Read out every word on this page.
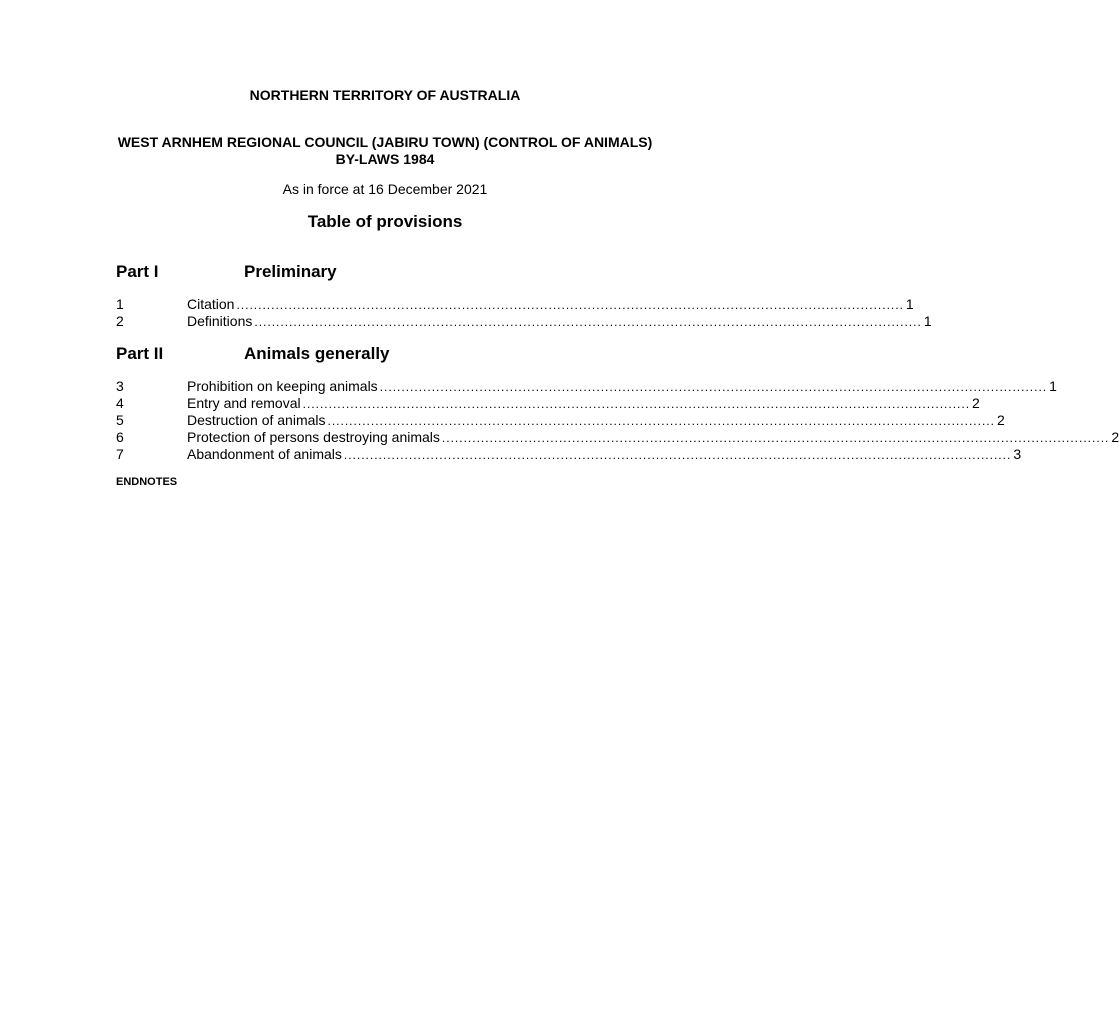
NORTHERN TERRITORY OF AUSTRALIA
WEST ARNHEM REGIONAL COUNCIL (JABIRU TOWN) (CONTROL OF ANIMALS) BY-LAWS 1984
As in force at 16 December 2021
Table of provisions
Part I	Preliminary
1	Citation .......................................................................................................................................................... 1
2	Definitions .......................................................................................................................................................... 1
Part II	Animals generally
3	Prohibition on keeping animals .......................................................................................................................................................... 1
4	Entry and removal .......................................................................................................................................................... 2
5	Destruction of animals .......................................................................................................................................................... 2
6	Protection of persons destroying animals .......................................................................................................................................................... 2
7	Abandonment of animals .......................................................................................................................................................... 3
ENDNOTES
